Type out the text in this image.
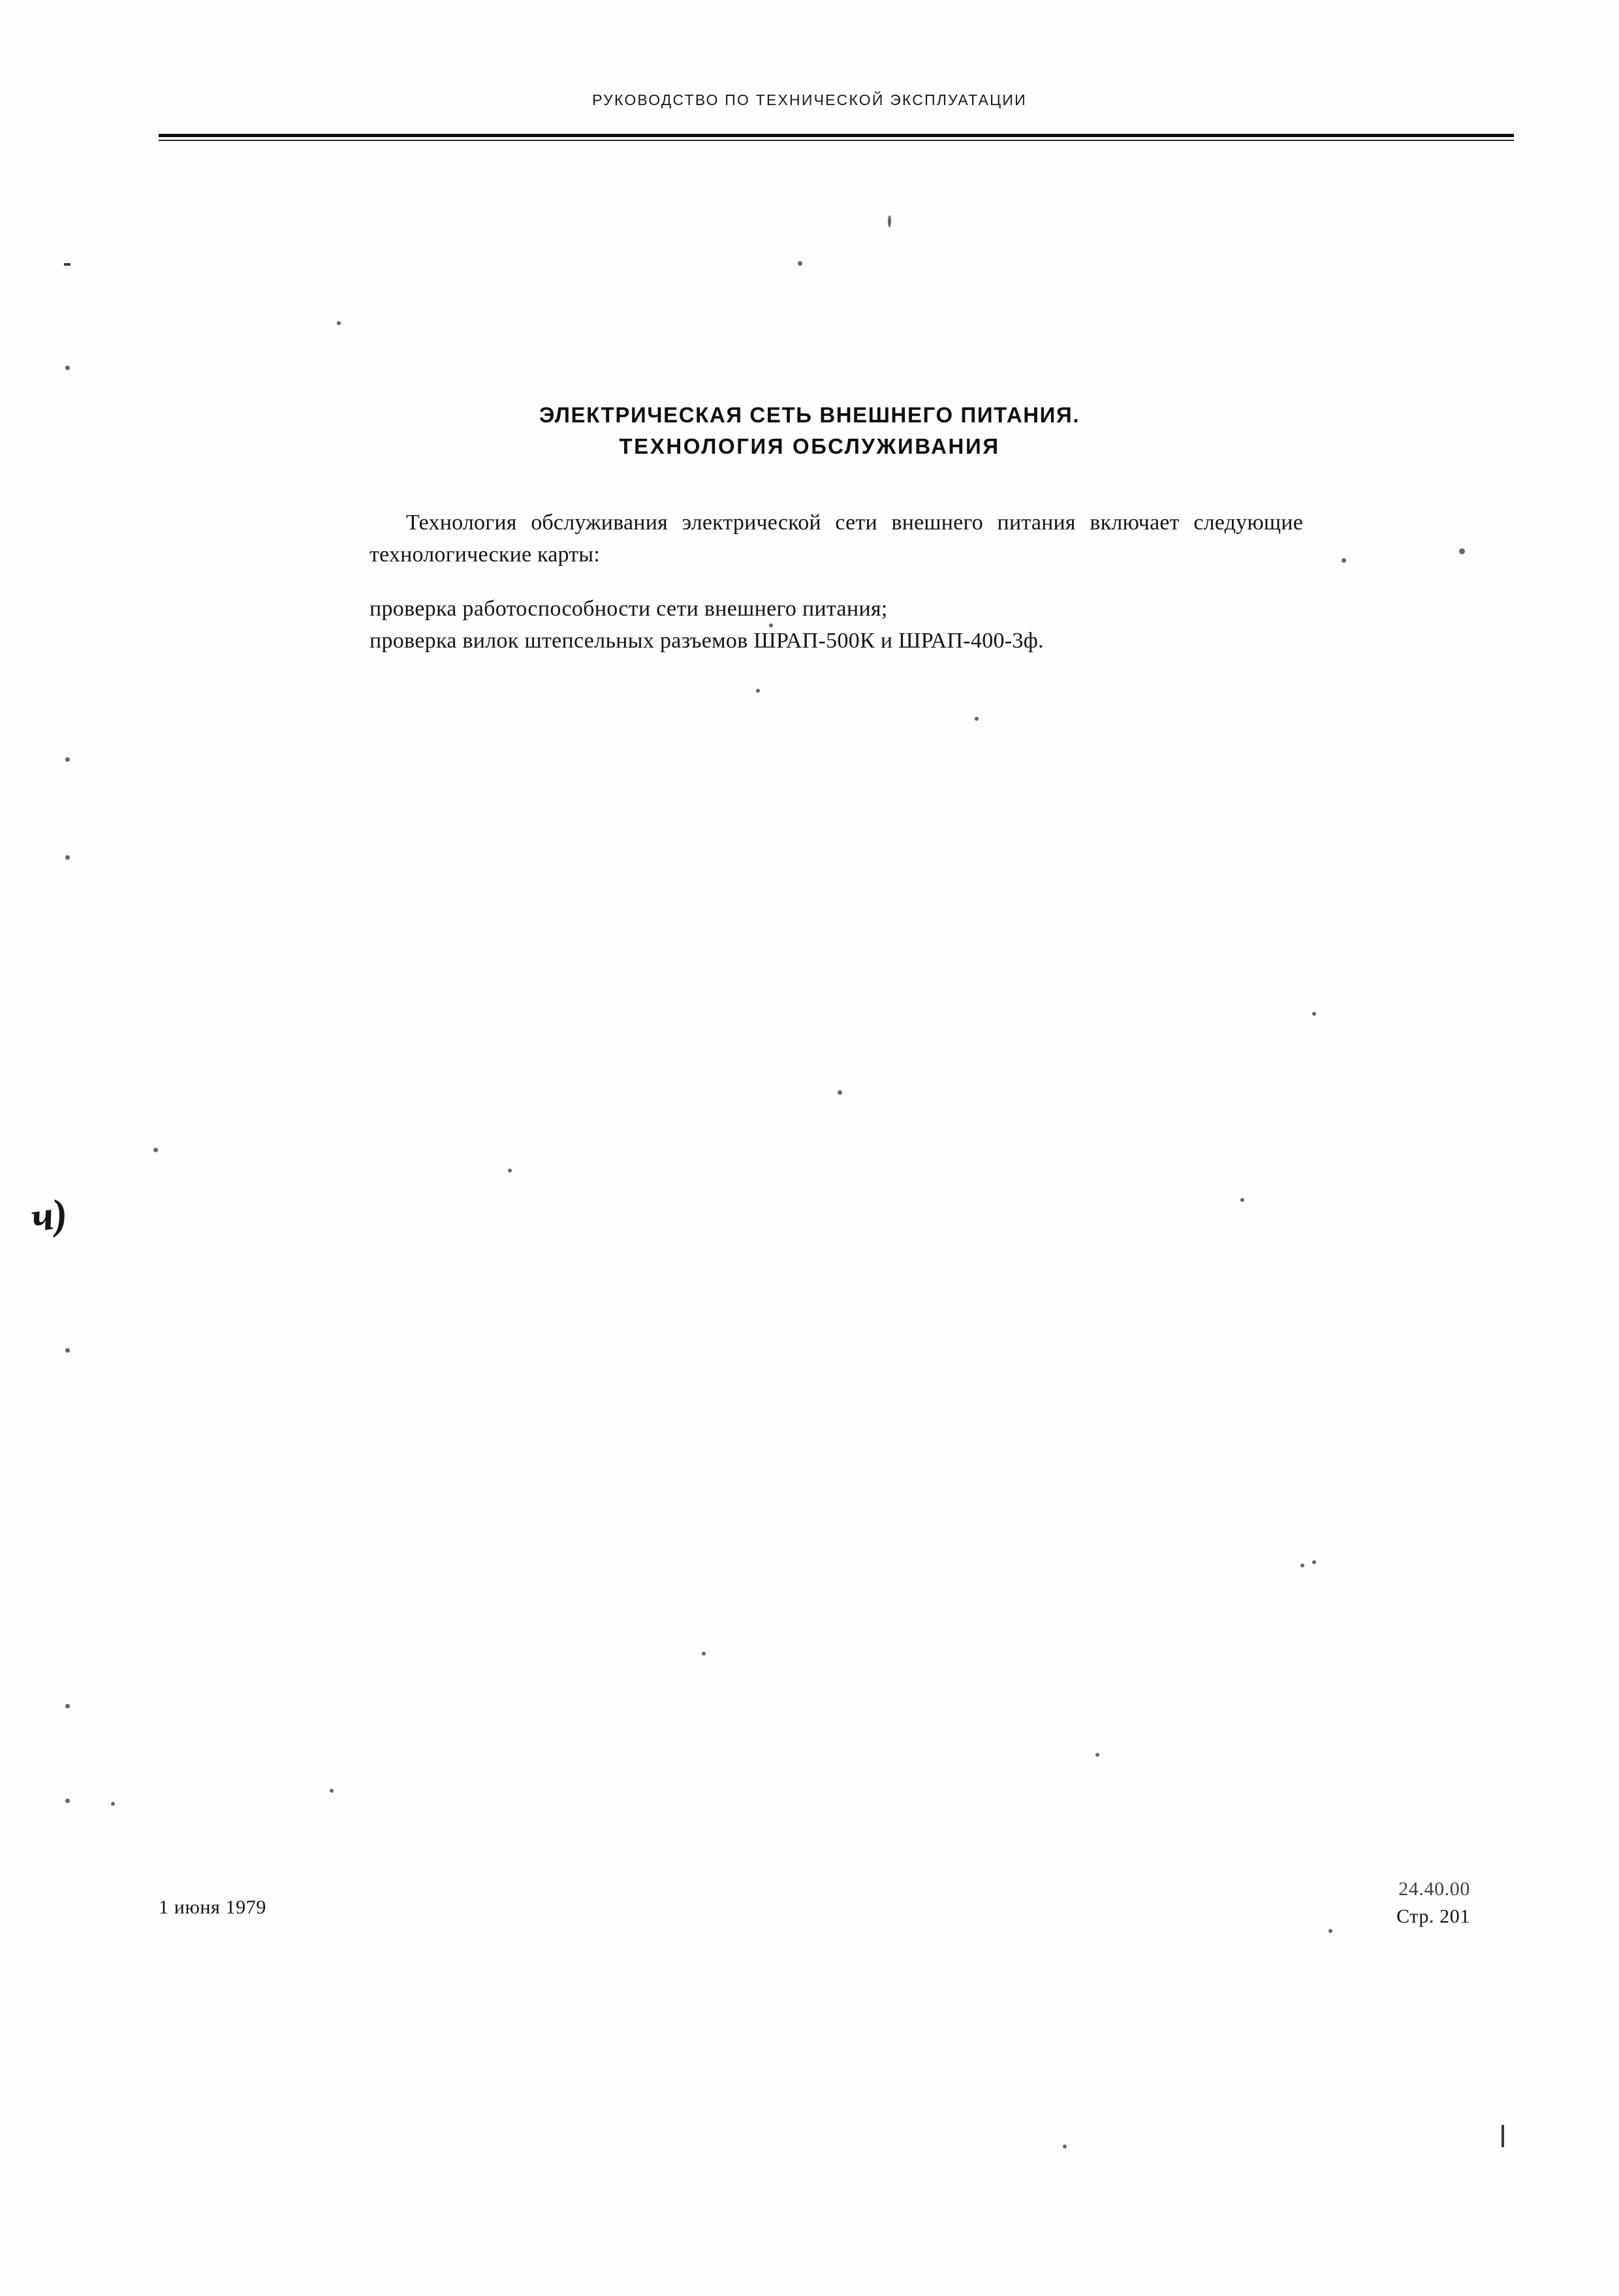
РУКОВОДСТВО ПО ТЕХНИЧЕСКОЙ ЭКСПЛУАТАЦИИ
ЭЛЕКТРИЧЕСКАЯ СЕТЬ ВНЕШНЕГО ПИТАНИЯ.
ТЕХНОЛОГИЯ ОБСЛУЖИВАНИЯ

Технология обслуживания электрической сети внешнего питания включает следующие технологические карты:

проверка работоспособности сети внешнего питания;
проверка вилок штепсельных разъемов ШРАП-500К и ШРАП-400-3ф.
ч)
1 июня 1979
24.40.00
Стр. 201
